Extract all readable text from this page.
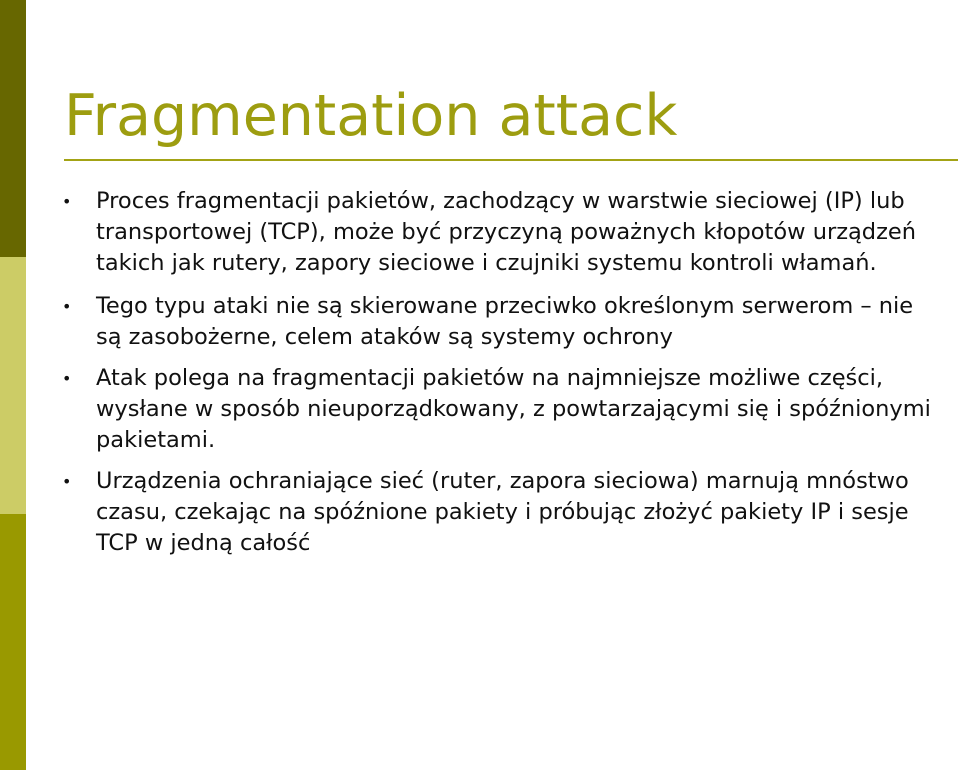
Fragmentation attack
• Proces fragmentacji pakietów, zachodzący w warstwie sieciowej (IP) lub transportowej (TCP), może być przyczyną poważnych kłopotów urządzeń takich jak rutery, zapory sieciowe i czujniki systemu kontroli włamań.
• Tego typu ataki nie są skierowane przeciwko określonym serwerom – nie są zasobożerne, celem ataków są systemy ochrony
• Atak polega na fragmentacji pakietów na najmniejsze możliwe części, wysłane w sposób nieuporządkowany, z powtarzającymi się i spóźnionymi pakietami.
• Urządzenia ochraniające sieć (ruter, zapora sieciowa) marnują mnóstwo czasu, czekając na spóźnione pakiety i próbując złożyć pakiety IP i sesje TCP w jedną całość
